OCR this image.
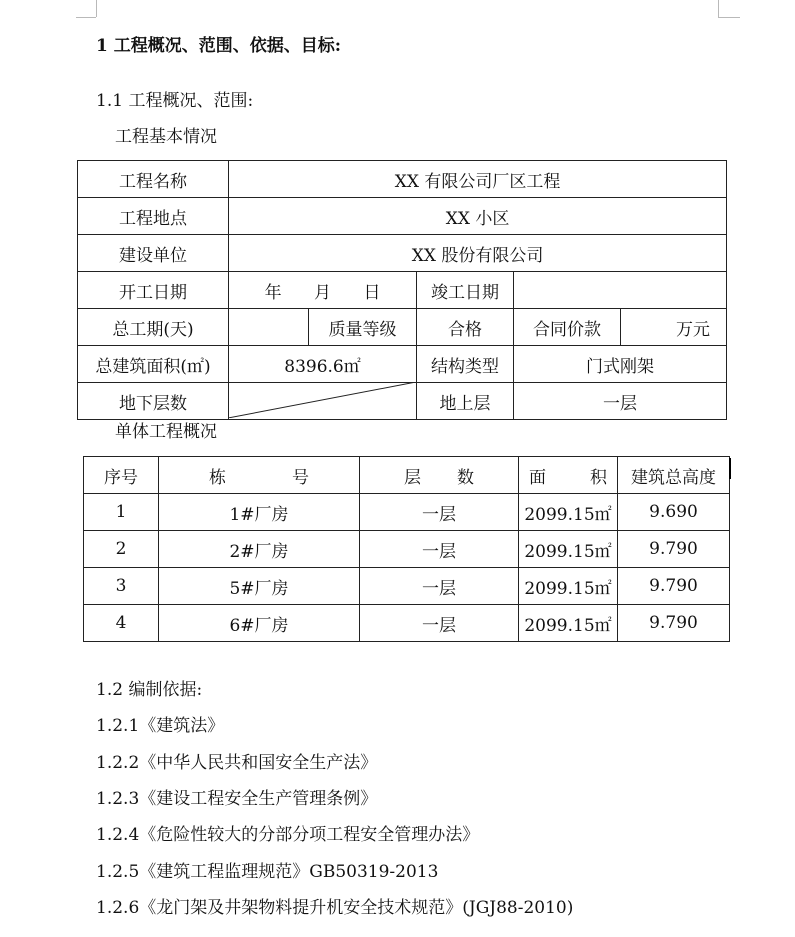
1 工程概况、范围、依据、目标:
1.1 工程概况、范围:
工程基本情况
工程名称	XX 有限公司厂区工程				
工程地点	XX 小区				
建设单位	XX 股份有限公司				
开工日期	年 月 日		竣工日期		
总工期(天)		质量等级	合格	合同价款	万元
总建筑面积(㎡)	8396.6㎡		结构类型	门式刚架	
地下层数			地上层	一层	
单体工程概况
序号	栋 号	层 数	面 积	建筑总高度
1	1#厂房	一层	2099.15㎡	9.690
2	2#厂房	一层	2099.15㎡	9.790
3	5#厂房	一层	2099.15㎡	9.790
4	6#厂房	一层	2099.15㎡	9.790
1.2 编制依据:
1.2.1《建筑法》
1.2.2《中华人民共和国安全生产法》
1.2.3《建设工程安全生产管理条例》
1.2.4《危险性较大的分部分项工程安全管理办法》
1.2.5《建筑工程监理规范》GB50319-2013
1.2.6《龙门架及井架物料提升机安全技术规范》(JGJ88-2010)
